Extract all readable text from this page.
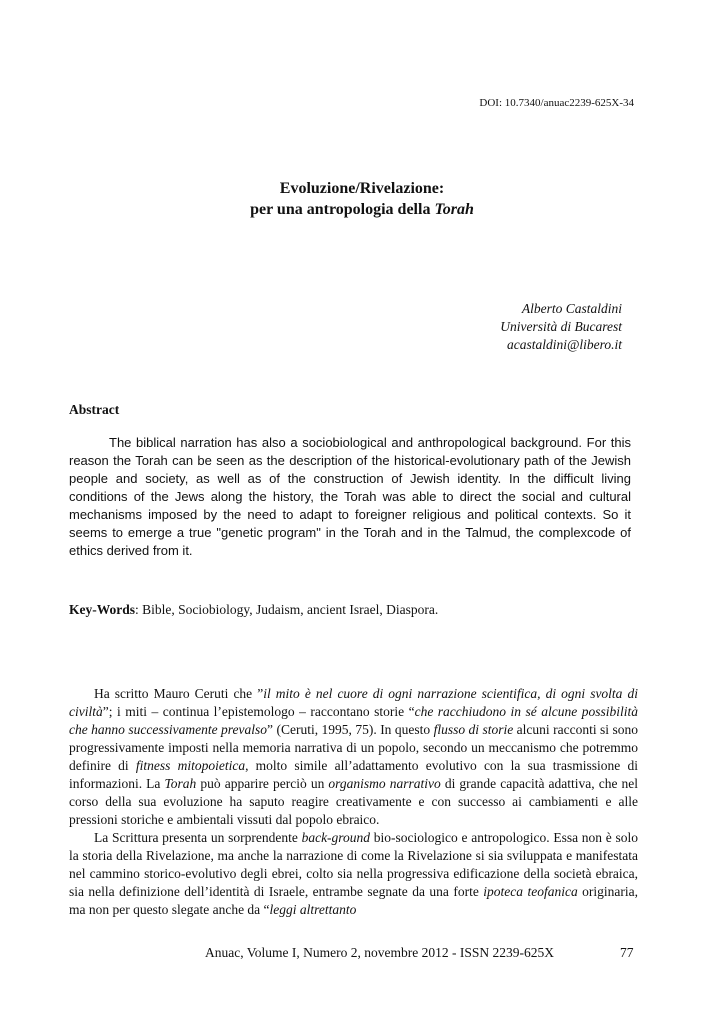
DOI: 10.7340/anuac2239-625X-34
Evoluzione/Rivelazione:
per una antropologia della Torah
Alberto Castaldini
Università di Bucarest
acastaldini@libero.it
Abstract

The biblical narration has also a sociobiological and anthropological background. For this reason the Torah can be seen as the description of the historical-evolutionary path of the Jewish people and society, as well as of the construction of Jewish identity. In the difficult living conditions of the Jews along the history, the Torah was able to direct the social and cultural mechanisms imposed by the need to adapt to foreigner religious and political contexts. So it seems to emerge a true "genetic program" in the Torah and in the Talmud, the complexcode of ethics derived from it.

Key-Words: Bible, Sociobiology, Judaism, ancient Israel, Diaspora.

Ha scritto Mauro Ceruti che ”il mito è nel cuore di ogni narrazione scientifica, di ogni svolta di civiltà”; i miti – continua l’epistemologo – raccontano storie “che racchiudono in sé alcune possibilità che hanno successivamente prevalso” (Ceruti, 1995, 75). In questo flusso di storie alcuni racconti si sono progressivamente imposti nella memoria narrativa di un popolo, secondo un meccanismo che potremmo definire di fitness mitopoietica, molto simile all’adattamento evolutivo con la sua trasmissione di informazioni. La Torah può apparire perciò un organismo narrativo di grande capacità adattiva, che nel corso della sua evoluzione ha saputo reagire creativamente e con successo ai cambiamenti e alle pressioni storiche e ambientali vissuti dal popolo ebraico.

La Scrittura presenta un sorprendente back-ground bio-sociologico e antropologico. Essa non è solo la storia della Rivelazione, ma anche la narrazione di come la Rivelazione si sia sviluppata e manifestata nel cammino storico-evolutivo degli ebrei, colto sia nella progressiva edificazione della società ebraica, sia nella definizione dell’identità di Israele, entrambe segnate da una forte ipoteca teofanica originaria, ma non per questo slegate anche da “leggi altrettanto

Anuac, Volume I, Numero 2, novembre 2012 - ISSN 2239-625X	77
